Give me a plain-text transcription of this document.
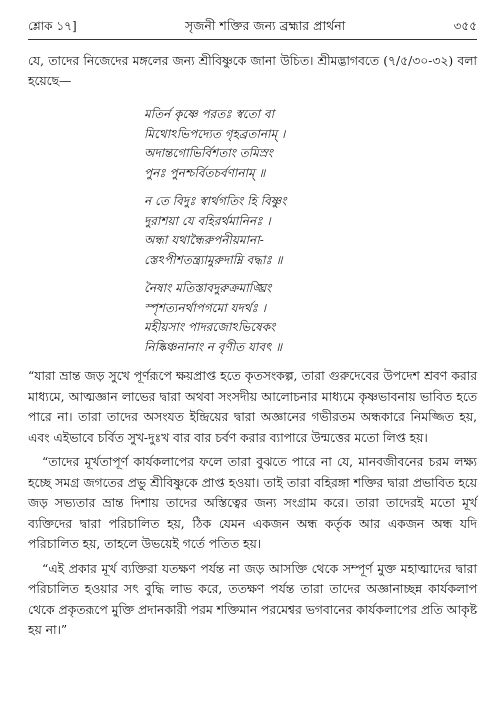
শ্লোক ১৭]	সৃজনী শক্তির জন্য ব্রহ্মার প্রার্থনা	৩৫৫
যে, তাদের নিজেদের মঙ্গলের জন্য শ্রীবিষ্ণুকে জানা উচিত। শ্রীমদ্ভাগবতে (৭/৫/৩০-৩২) বলা হয়েছে—
মতির্ন কৃষ্ণে পরতঃ স্বতো বা
মিথোঽভিপদ্যেত গৃহব্রতানাম্ ।
অদান্তগোভির্বিশতাং তমিস্রং
পুনঃ পুনশ্চর্বিতচর্বণানাম্ ॥
ন তে বিদুঃ স্বার্থগতিং হি বিষ্ণুং
দুরাশয়া যে বহিরর্থমানিনঃ ।
অন্ধা যথান্ধৈরুপনীয়মানা-
স্তেঽপীশতন্ত্র্যামুরুদাম্নি বদ্ধাঃ ॥
নৈষাং মতিস্তাবদুরুক্রমাঙ্ঘ্রিং
স্পৃশত্যনর্থাপগমো যদর্থঃ ।
মহীয়সাং পাদরজোঽভিষেকং
নিষ্কিঞ্চনানাং ন বৃণীত যাবৎ ॥

“যারা ভ্রান্ত জড় সুখে পূর্ণরূপে ক্ষয়প্রাপ্ত হতে কৃতসংকল্প, তারা গুরুদেবের উপদেশ শ্রবণ করার মাধ্যমে, আত্মজ্ঞান লাভের দ্বারা অথবা সংসদীয় আলোচনার মাধ্যমে কৃষ্ণভাবনায় ভাবিত হতে পারে না। তারা তাদের অসংযত ইন্দ্রিয়ের দ্বারা অজ্ঞানের গভীরতম অন্ধকারে নিমজ্জিত হয়, এবং এইভাবে চর্বিত সুখ-দুঃখ বার বার চর্বণ করার ব্যাপারে উন্মত্তের মতো লিপ্ত হয়।

“তাদের মূর্খতাপূর্ণ কার্যকলাপের ফলে তারা বুঝতে পারে না যে, মানবজীবনের চরম লক্ষ্য হচ্ছে সমগ্র জগতের প্রভু শ্রীবিষ্ণুকে প্রাপ্ত হওয়া। তাই তারা বহিরঙ্গা শক্তির দ্বারা প্রভাবিত হয়ে জড় সভ্যতার ভ্রান্ত দিশায় তাদের অস্তিত্বের জন্য সংগ্রাম করে। তারা তাদেরই মতো মূর্খ ব্যক্তিদের দ্বারা পরিচালিত হয়, ঠিক যেমন একজন অন্ধ কর্তৃক আর একজন অন্ধ যদি পরিচালিত হয়, তাহলে উভয়েই গর্তে পতিত হয়।

“এই প্রকার মূর্খ ব্যক্তিরা যতক্ষণ পর্যন্ত না জড় আসক্তি থেকে সম্পূর্ণ মুক্ত মহাত্মাদের দ্বারা পরিচালিত হওয়ার সৎ বুদ্ধি লাভ করে, ততক্ষণ পর্যন্ত তারা তাদের অজ্ঞানাচ্ছন্ন কার্যকলাপ থেকে প্রকৃতরূপে মুক্তি প্রদানকারী পরম শক্তিমান পরমেশ্বর ভগবানের কার্যকলাপের প্রতি আকৃষ্ট হয় না।”
